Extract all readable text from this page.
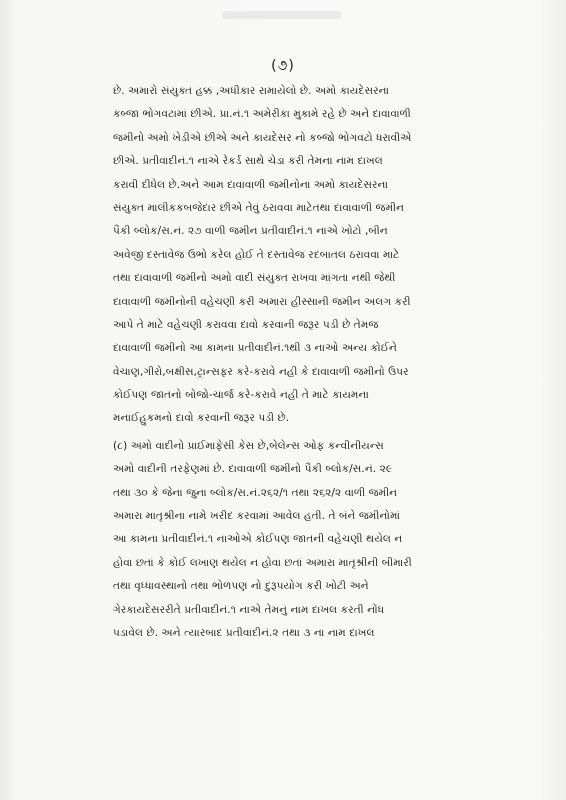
(૭)
છે. અમારો સંયુક્ત હક્ક ,અધીકાર રામાયેલો છે. અમો કાયદેસરના
કબ્જા ભોગવટામાં છીએ. પ્રા.નં.૧ અમેરીકા મુકામે રહે છે અને દાવાવાળી
જમીનો અમો ખેડીએ છીએ અને કાયદેસર નો કબ્જો ભોગવટો ધરાવીએ
છીએ. પ્રતીવાદીનં.૧ નાએ રેકર્ડ સાથે ચેડા કરી તેમના નામ દાખલ
કરાવી દીધેલ છે.અને આમ દાવાવાળી જમીનોના અમો કાયદેસરના
સંયુક્ત માલીકકબજેદાર છીએ તેવું ઠરાવવા માટેતથા દાવાવાળી જમીન
પૈકી બ્લોક/સ.નં. ૨૭ વાળી જમીન પ્રતીવાદીનં.૧ નાએ ખોટો ,બીન
અવેજી દસ્તાવેજ ઉભો કરેલ હોઈ તે દસ્તાવેજ રદબાતલ ઠરાવવા માટે
તથા દાવાવાળી જમીનો અમો વાદી સંયુક્ત રાખવા માંગતા નથી જેથી
દાવાવાળી જમીનોની વહેચણી કરી અમારા હીસ્સાની જમીન અલગ કરી
આપે તે માટે વહેચણી કરાવવા દાવો કરવાની જરૂર પડી છે તેમજ
દાવાવાળી જમીનો આ કામના પ્રતીવાદીનં.૧થી ૩ નાઓ અન્ય કોઈને
વેચાણ,ગીરો,બક્ષીસ,ટ્રાન્સફર કરે-કરાવે નહી કે દાવાવાળી જમીનો ઉપર
કોઈપણ જાતનો બોજો-ચાર્જ કરે-કરાવે નહી તે માટે કાયમના
મનાઈહુકમનો દાવો કરવાની જરૂર પડી છે.
(૮) અમો વાદીનો પ્રાઈમાફેસી કેસ છે,બેલેન્સ ઓફ કન્વીનીયન્સ
અમો વાદીની તરફેણમાં છે. દાવાવાળી જમીનો પૈકી બ્લોક/સ.નં. ૨૯
તથા ૩૦ કે જેના જુના બ્લોક/સ.નં.૨૬૨/૧ તથા ૨૬૨/૨ વાળી જમીન
અમારા માતૃશ્રીના નામે ખરીદ કરવામાં આવેલ હતી. તે બંને જમીનોમાં
આ કામના પ્રતીવાદીનં.૧ નાઓએ કોઈપણ જાતની વહેચણી થયેલ ન
હોવા છતાં કે કોઈ લખાણ થયેલ ન હોવા છતાં અમારા માતૃશ્રીની બીમારી
તથા વૃધ્ધાવસ્થાનો તથા ભોળપણ નો દુરૂપયોગ કરી ખોટી અને
ગેરકાયદેસરરીતે પ્રતીવાદીનં.૧ નાએ તેમનું નામ દાખલ કરતી નોંધ
પડાવેલ છે. અને ત્યારબાદ પ્રતીવાદીનં.૨ તથા ૩ ના નામ દાખલ
